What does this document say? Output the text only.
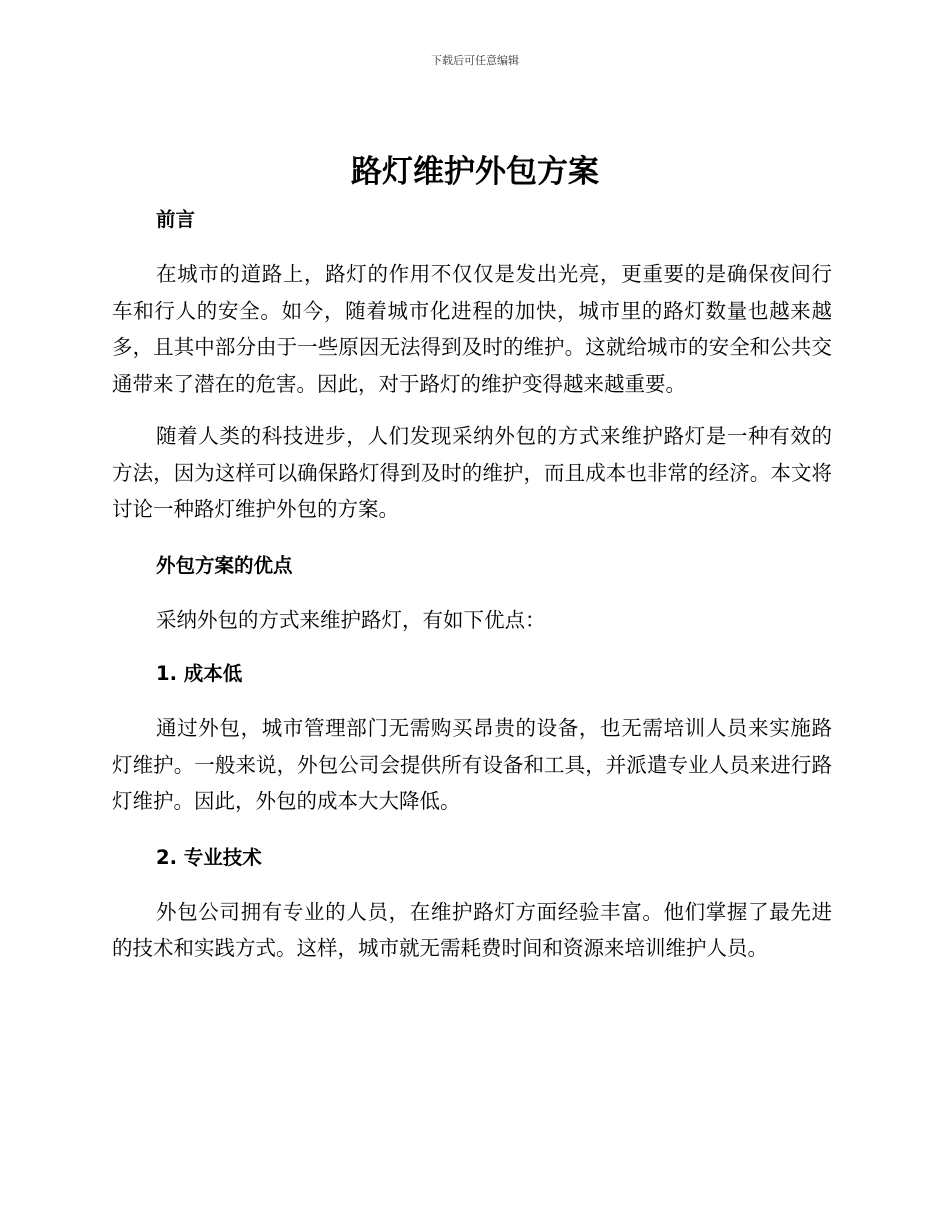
下载后可任意编辑
路灯维护外包方案
前言

在城市的道路上，路灯的作用不仅仅是发出光亮，更重要的是确保夜间行车和行人的安全。如今，随着城市化进程的加快，城市里的路灯数量也越来越多，且其中部分由于一些原因无法得到及时的维护。这就给城市的安全和公共交通带来了潜在的危害。因此，对于路灯的维护变得越来越重要。

随着人类的科技进步，人们发现采纳外包的方式来维护路灯是一种有效的方法，因为这样可以确保路灯得到及时的维护，而且成本也非常的经济。本文将讨论一种路灯维护外包的方案。

外包方案的优点

采纳外包的方式来维护路灯，有如下优点：

1. 成本低

通过外包，城市管理部门无需购买昂贵的设备，也无需培训人员来实施路灯维护。一般来说，外包公司会提供所有设备和工具，并派遣专业人员来进行路灯维护。因此，外包的成本大大降低。

2. 专业技术

外包公司拥有专业的人员，在维护路灯方面经验丰富。他们掌握了最先进的技术和实践方式。这样，城市就无需耗费时间和资源来培训维护人员。
